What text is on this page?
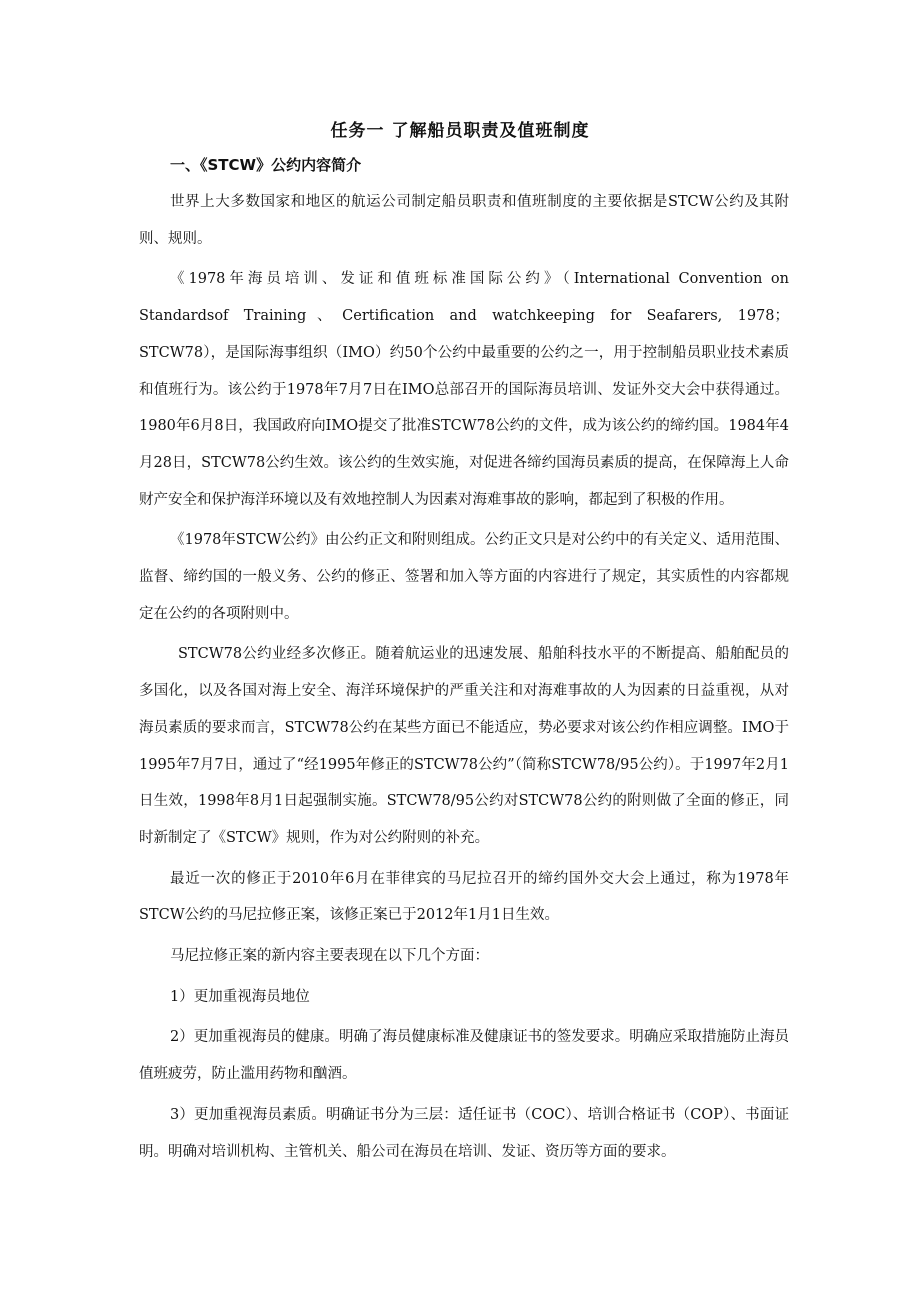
任务一 了解船员职责及值班制度
一、《STCW》公约内容简介

世界上大多数国家和地区的航运公司制定船员职责和值班制度的主要依据是STCW公约及其附则、规则。

《1978年海员培训、发证和值班标准国际公约》（International Convention on Standardsof Training、Certification and watchkeeping for Seafarers, 1978；STCW78），是国际海事组织（IMO）约50个公约中最重要的公约之一，用于控制船员职业技术素质和值班行为。该公约于1978年7月7日在IMO总部召开的国际海员培训、发证外交大会中获得通过。1980年6月8日，我国政府向IMO提交了批准STCW78公约的文件，成为该公约的缔约国。1984年4月28日，STCW78公约生效。该公约的生效实施，对促进各缔约国海员素质的提高，在保障海上人命财产安全和保护海洋环境以及有效地控制人为因素对海难事故的影响，都起到了积极的作用。

《1978年STCW公约》由公约正文和附则组成。公约正文只是对公约中的有关定义、适用范围、监督、缔约国的一般义务、公约的修正、签署和加入等方面的内容进行了规定，其实质性的内容都规定在公约的各项附则中。

STCW78公约业经多次修正。随着航运业的迅速发展、船舶科技水平的不断提高、船舶配员的多国化，以及各国对海上安全、海洋环境保护的严重关注和对海难事故的人为因素的日益重视，从对海员素质的要求而言，STCW78公约在某些方面已不能适应，势必要求对该公约作相应调整。IMO于1995年7月7日，通过了“经1995年修正的STCW78公约”（简称STCW78/95公约）。于1997年2月1日生效，1998年8月1日起强制实施。STCW78/95公约对STCW78公约的附则做了全面的修正，同时新制定了《STCW》规则，作为对公约附则的补充。

最近一次的修正于2010年6月在菲律宾的马尼拉召开的缔约国外交大会上通过，称为1978年STCW公约的马尼拉修正案，该修正案已于2012年1月1日生效。

马尼拉修正案的新内容主要表现在以下几个方面：

1）更加重视海员地位

2）更加重视海员的健康。明确了海员健康标准及健康证书的签发要求。明确应采取措施防止海员值班疲劳，防止滥用药物和酗酒。

3）更加重视海员素质。明确证书分为三层：适任证书（COC）、培训合格证书（COP）、书面证明。明确对培训机构、主管机关、船公司在海员在培训、发证、资历等方面的要求。
